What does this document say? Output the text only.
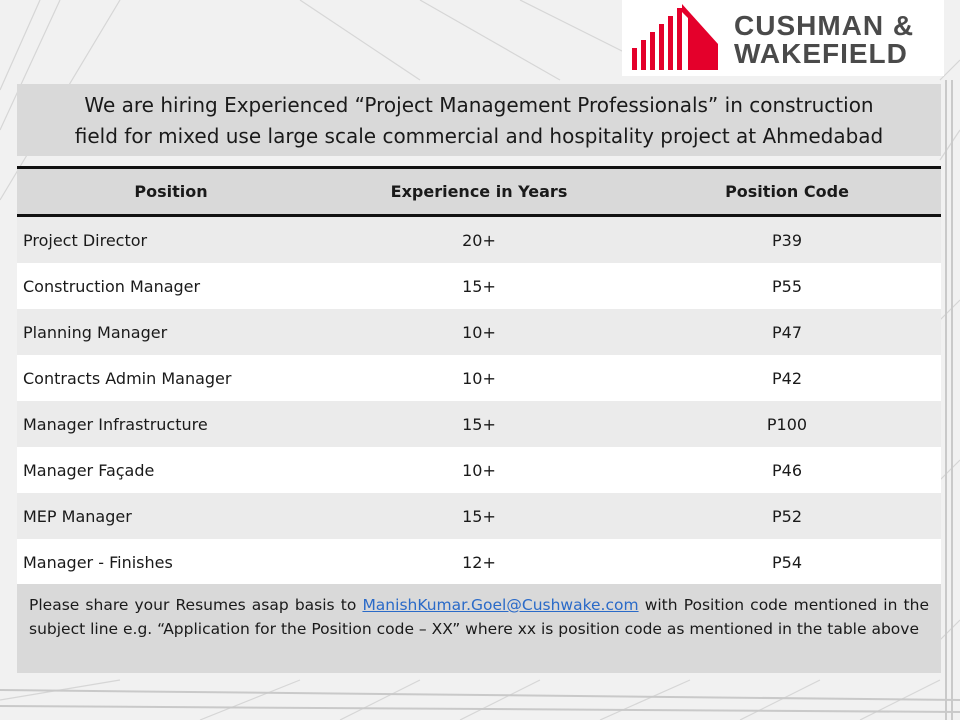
CUSHMAN &
WAKEFIELD
We are hiring Experienced “Project Management Professionals” in construction
field for mixed use large scale commercial and hospitality project at Ahmedabad
Position	Experience in Years	Position Code
Project Director	20+	P39
Construction Manager	15+	P55
Planning Manager	10+	P47
Contracts Admin Manager	10+	P42
Manager Infrastructure	15+	P100
Manager Façade	10+	P46
MEP Manager	15+	P52
Manager - Finishes	12+	P54
Please share your Resumes asap basis to ManishKumar.Goel@Cushwake.com with Position code mentioned in the subject line e.g. “Application for the Position code – XX” where xx is position code as mentioned in the table above
